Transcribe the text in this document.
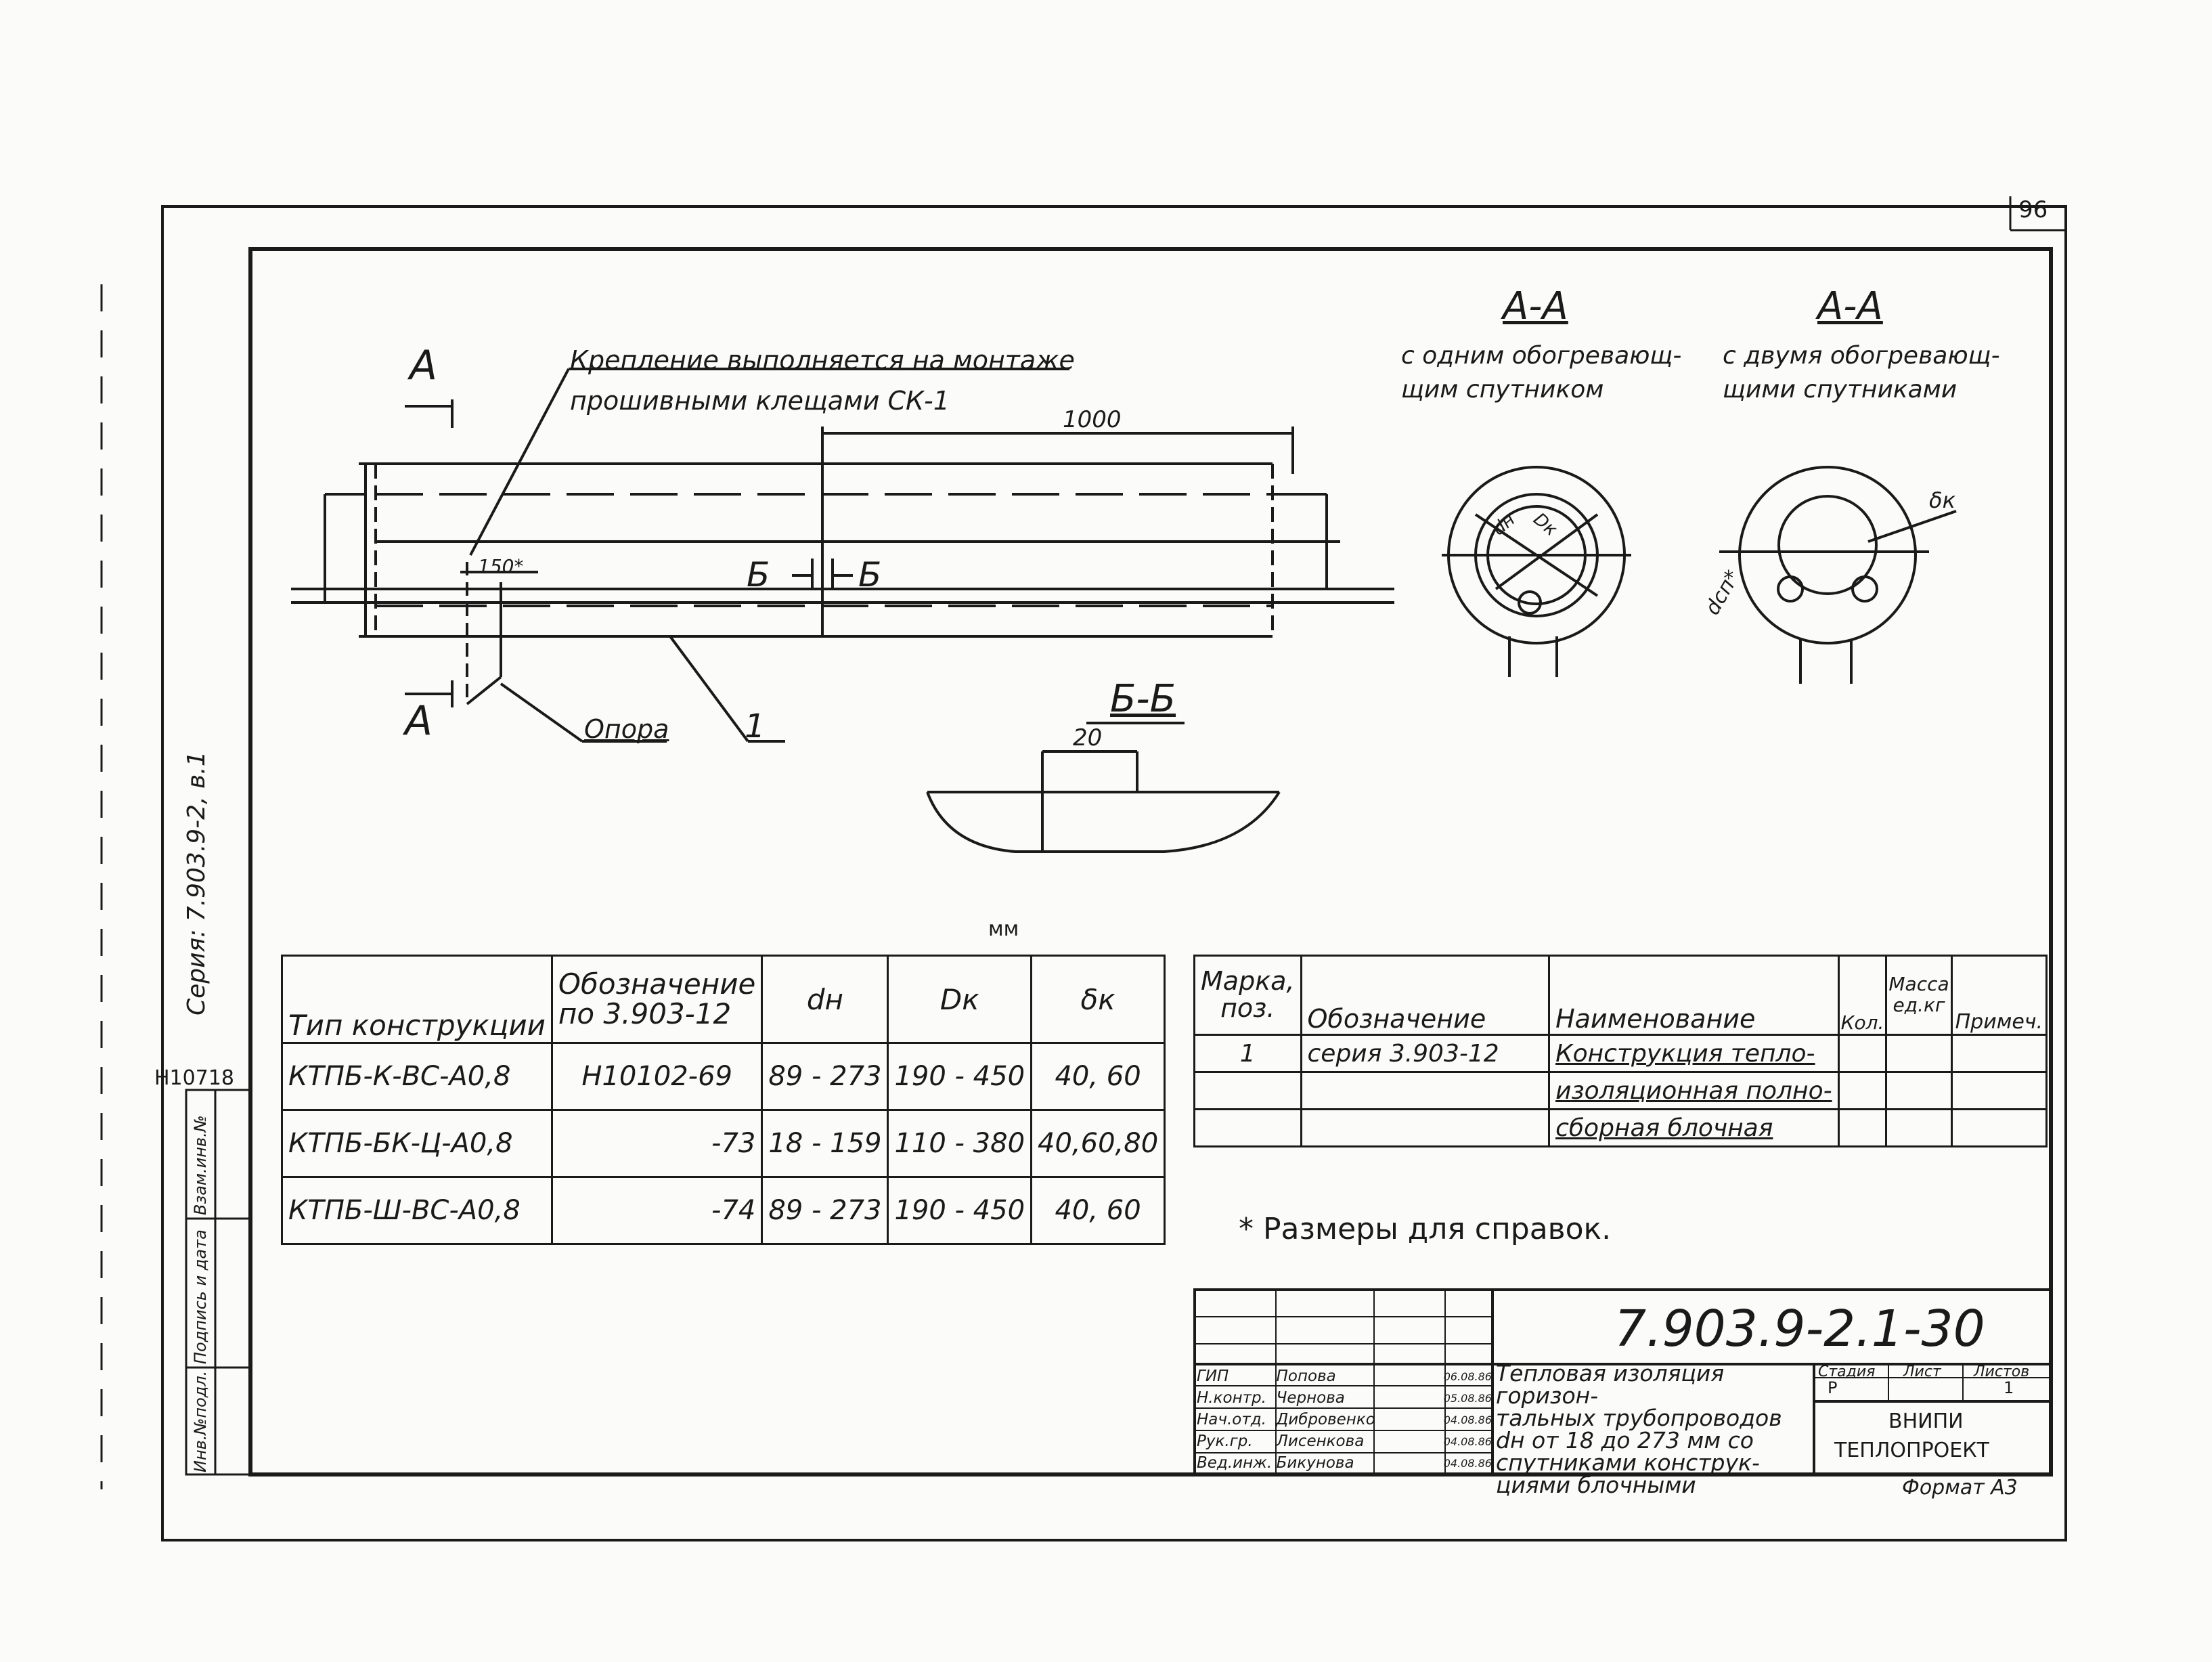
96
Серия: 7.903.9-2, в.1
Н10718
Инв.№подл.
Подпись и дата
Взам.инв.№
А
А
Крепление выполняется на монтаже
прошивными клещами СК-1
1000
150*	Б	Б
Опора 1
Б-Б
20
А-А
с одним обогревающ-
щим спутником
А-А
с двумя обогревающ-
щими спутниками
dн Dк
δк
dсп*
мм
Тип конструкции	Обозначение по 3.903-12	dн	Dк	δк
КТПБ-К-ВС-А0,8	Н10102-69	89 - 273	190 - 450	40, 60
КТПБ-БК-Ц-А0,8	-73	18 - 159	110 - 380	40,60,80
КТПБ-Ш-ВС-А0,8	-74	89 - 273	190 - 450	40, 60
Марка, поз.	Обозначение	Наименование	Кол.	Масса ед.кг	Примеч.
1	серия 3.903-12	Конструкция тепло-			
		изоляционная полно-			
		сборная блочная			
* Размеры для справок.
7.903.9-2.1-30
ГИП	Попова	06.08.86
Н.контр. Чернова	05.08.86
Нач.отд. Дибровенко	04.08.86
Рук.гр.	Лисенкова	04.08.86
Вед.инж. Бикунова	04.08.86
Тепловая изоляция горизон-
тальных трубопроводов
dн от 18 до 273 мм со
спутниками конструк-
циями блочными
Стадия Лист Листов
Р	1
ВНИПИ
ТЕПЛОПРОЕКТ
Формат А3
